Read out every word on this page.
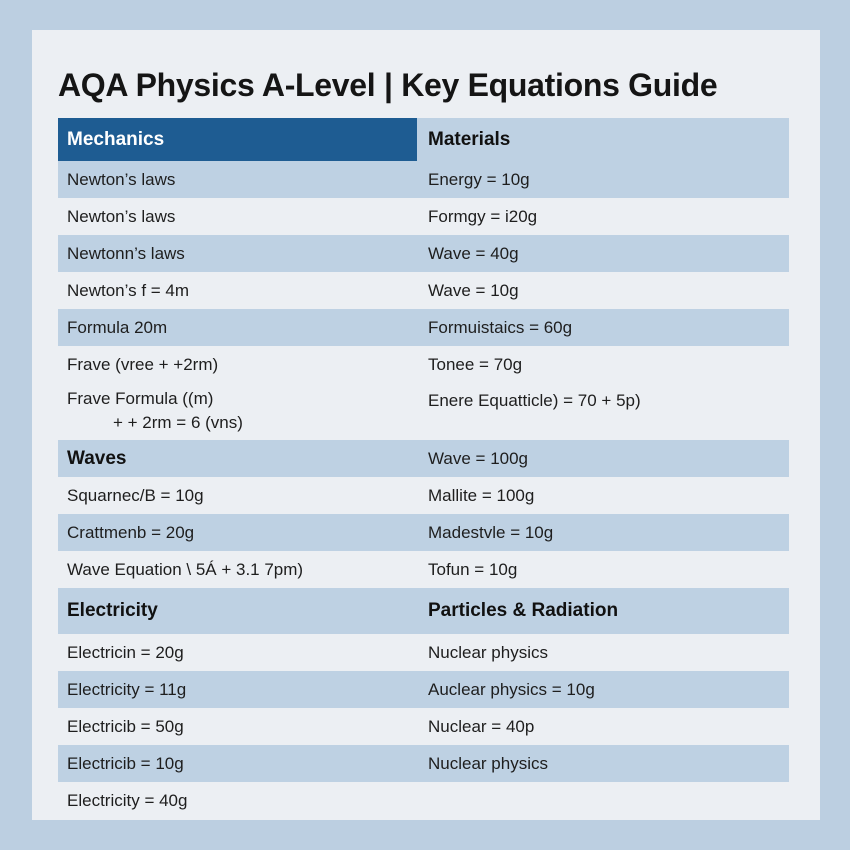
AQA Physics A-Level | Key Equations Guide
Mechanics
Newton’s laws
Newton’s laws
Newtonn’s laws
Newton’s f = 4m
Formula 20m
Frave (vree + +2rm)
Frave Formula ((m)
+ + 2rm = 6 (vns)
Waves
Squarnec/B = 10g
Crattmenb = 20g
Wave Equation \ 5Á + 3.1 7pm)
Electricity
Electricin = 20g
Electricity = 11g
Electricib = 50g
Electricib = 10g
Electricity = 40g
Materials
Energy = 10g
Formgy = i20g
Wave = 40g
Wave = 10g
Formuistaics = 60g
Tonee = 70g
Enere Equatticle) = 70 + 5p)
Wave = 100g
Mallite = 100g
Madestvle = 10g
Tofun = 10g
Particles & Radiation
Nuclear physics
Auclear physics = 10g
Nuclear = 40p
Nuclear physics
